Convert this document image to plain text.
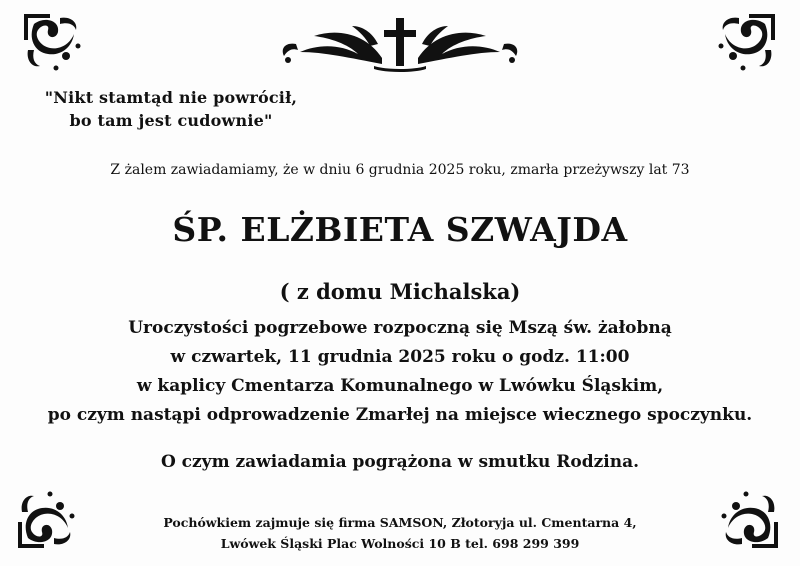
"Nikt stamtąd nie powrócił,
bo tam jest cudownie"
Z żalem zawiadamiamy, że w dniu 6 grudnia 2025 roku, zmarła przeżywszy lat 73
ŚP. ELŻBIETA SZWAJDA
( z domu Michalska)
Uroczystości pogrzebowe rozpoczną się Mszą św. żałobną
w czwartek, 11 grudnia 2025 roku o godz. 11:00
w kaplicy Cmentarza Komunalnego w Lwówku Śląskim,
po czym nastąpi odprowadzenie Zmarłej na miejsce wiecznego spoczynku.
O czym zawiadamia pogrążona w smutku Rodzina.
Pochówkiem zajmuje się firma SAMSON, Złotoryja ul. Cmentarna 4,
Lwówek Śląski Plac Wolności 10 B tel. 698 299 399
